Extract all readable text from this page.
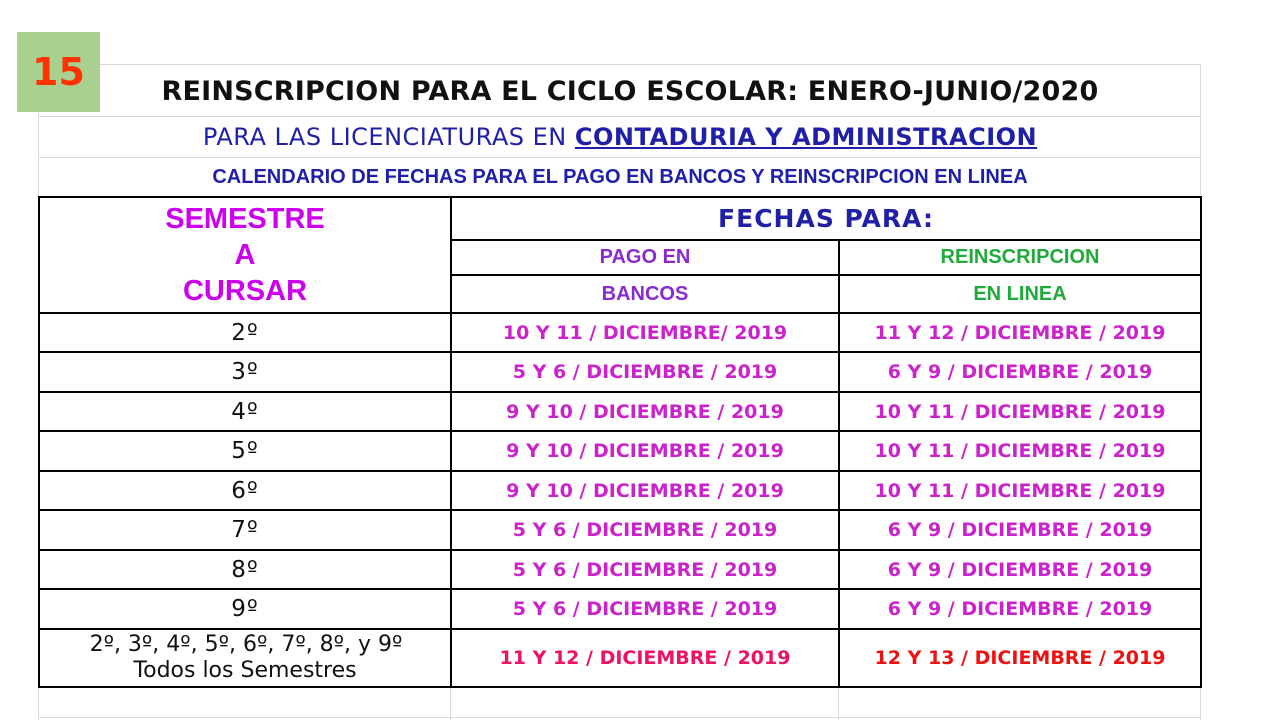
15	REINSCRIPCION PARA EL CICLO ESCOLAR: ENERO-JUNIO/2020
PARA LAS LICENCIATURAS EN CONTADURIA Y ADMINISTRACION
CALENDARIO DE FECHAS PARA EL PAGO EN BANCOS Y REINSCRIPCION EN LINEA
SEMESTRE
A
CURSAR	FECHAS PARA:	
	PAGO EN	REINSCRIPCION
	BANCOS	EN LINEA
2º	10 Y 11 / DICIEMBRE/ 2019	11 Y 12 / DICIEMBRE / 2019
3º	5 Y 6 / DICIEMBRE / 2019	6 Y 9 / DICIEMBRE / 2019
4º	9 Y 10 / DICIEMBRE / 2019	10 Y 11 / DICIEMBRE / 2019
5º	9 Y 10 / DICIEMBRE / 2019	10 Y 11 / DICIEMBRE / 2019
6º	9 Y 10 / DICIEMBRE / 2019	10 Y 11 / DICIEMBRE / 2019
7º	5 Y 6 / DICIEMBRE / 2019	6 Y 9 / DICIEMBRE / 2019
8º	5 Y 6 / DICIEMBRE / 2019	6 Y 9 / DICIEMBRE / 2019
9º	5 Y 6 / DICIEMBRE / 2019	6 Y 9 / DICIEMBRE / 2019

2º, 3º, 4º, 5º, 6º, 7º, 8º, y 9º
Todos los Semestres	11 Y 12 / DICIEMBRE / 2019	12 Y 13 / DICIEMBRE / 2019
